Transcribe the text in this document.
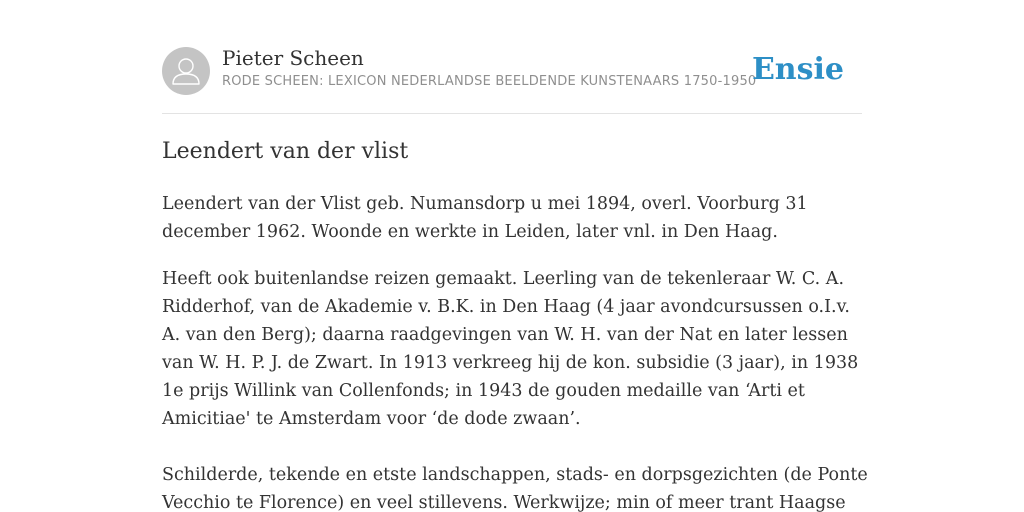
Pieter Scheen
RODE SCHEEN: LEXICON NEDERLANDSE BEELDENDE KUNSTENAARS 1750-1950
Ensie
Leendert van der vlist

Leendert van der Vlist geb. Numansdorp u mei 1894, overl. Voorburg 31 december 1962. Woonde en werkte in Leiden, later vnl. in Den Haag.

Heeft ook buitenlandse reizen gemaakt. Leerling van de tekenleraar W. C. A. Ridderhof, van de Akademie v. B.K. in Den Haag (4 jaar avondcursussen o.I.v. A. van den Berg); daarna raadgevingen van W. H. van der Nat en later lessen van W. H. P. J. de Zwart. In 1913 verkreeg hij de kon. subsidie (3 jaar), in 1938 1e prijs Willink van Collenfonds; in 1943 de gouden medaille van ‘Arti et Amicitiae' te Amsterdam voor ‘de dode zwaan’.

Schilderde, tekende en etste landschappen, stads- en dorpsgezichten (de Ponte Vecchio te Florence) en veel stillevens. Werkwijze; min of meer trant Haagse
